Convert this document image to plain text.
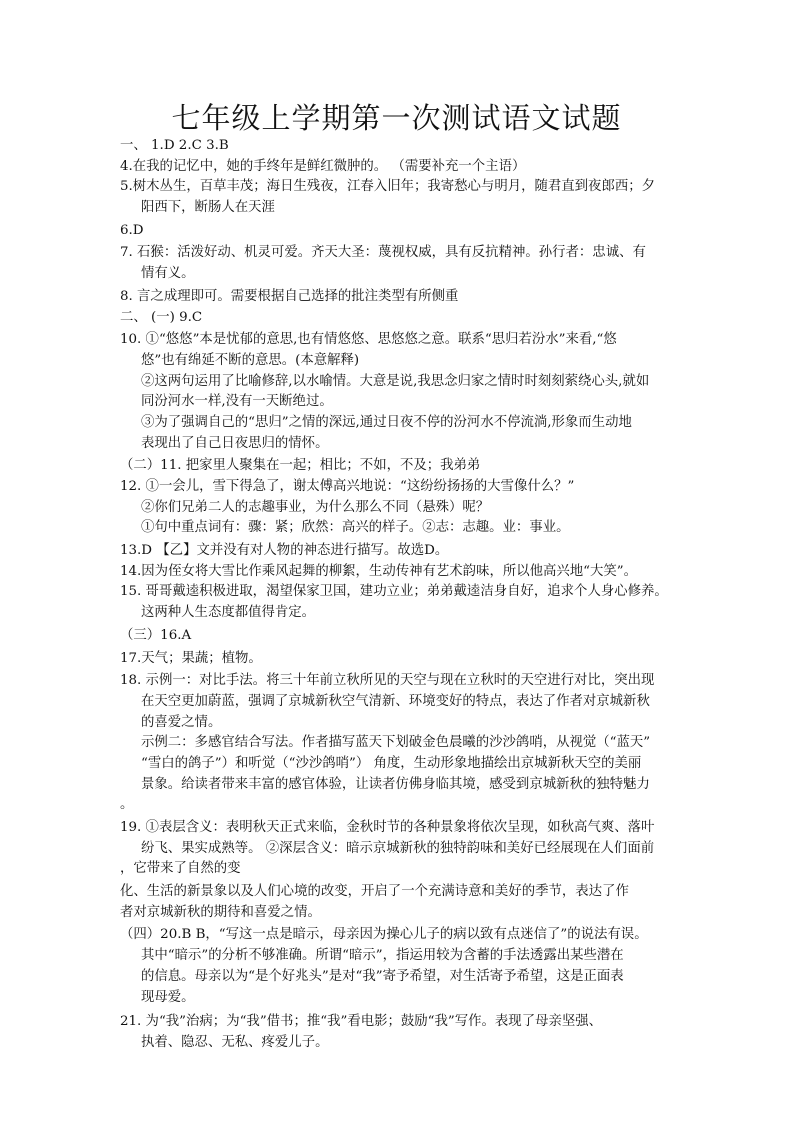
七年级上学期第一次测试语文试题
一、 1.D 2.C 3.B
4.在我的记忆中，她的手终年是鲜红微肿的。 （需要补充一个主语）
5.树木丛生，百草丰茂；海日生残夜，江春入旧年；我寄愁心与明月，随君直到夜郎西；夕
阳西下，断肠人在天涯
6.D
7. 石猴：活泼好动、机灵可爱。齐天大圣：蔑视权威，具有反抗精神。孙行者：忠诚、有
情有义。
8. 言之成理即可。需要根据自己选择的批注类型有所侧重
二、 (一) 9.C
10. ①“悠悠”本是忧郁的意思,也有情悠悠、思悠悠之意。联系“思归若汾水”来看,“悠
悠”也有绵延不断的意思。(本意解释)
②这两句运用了比喻修辞,以水喻情。大意是说,我思念归家之情时时刻刻萦绕心头,就如
同汾河水一样,没有一天断绝过。
③为了强调自己的“思归”之情的深远,通过日夜不停的汾河水不停流淌,形象而生动地
表现出了自己日夜思归的情怀。
（二）11. 把家里人聚集在一起；相比；不如，不及；我弟弟
12. ①一会儿，雪下得急了，谢太傅高兴地说：“这纷纷扬扬的大雪像什么？”
②你们兄弟二人的志趣事业，为什么那么不同（悬殊）呢？
①句中重点词有：骤：紧；欣然：高兴的样子。②志：志趣。业：事业。
13.D 【乙】文并没有对人物的神态进行描写。故选D。
14.因为侄女将大雪比作乘风起舞的柳絮，生动传神有艺术韵味，所以他高兴地“大笑”。
15. 哥哥戴逵积极进取，渴望保家卫国，建功立业；弟弟戴逵洁身自好，追求个人身心修养。
这两种人生态度都值得肯定。
（三）16.A
17.天气；果蔬；植物。
18. 示例一：对比手法。将三十年前立秋所见的天空与现在立秋时的天空进行对比，突出现
在天空更加蔚蓝，强调了京城新秋空气清新、环境变好的特点，表达了作者对京城新秋
的喜爱之情。
示例二：多感官结合写法。作者描写蓝天下划破金色晨曦的沙沙鸽哨，从视觉（“蓝天”
“雪白的鸽子”）和听觉（“沙沙鸽哨”） 角度，生动形象地描绘出京城新秋天空的美丽
景象。给读者带来丰富的感官体验，让读者仿佛身临其境，感受到京城新秋的独特魅力
。
19. ①表层含义：表明秋天正式来临，金秋时节的各种景象将依次呈现，如秋高气爽、落叶
纷飞、果实成熟等。 ②深层含义：暗示京城新秋的独特韵味和美好已经展现在人们面前
，它带来了自然的变
化、生活的新景象以及人们心境的改变，开启了一个充满诗意和美好的季节，表达了作
者对京城新秋的期待和喜爱之情。
（四）20.B B，“写这一点是暗示，母亲因为操心儿子的病以致有点迷信了”的说法有误。
其中“暗示”的分析不够准确。所谓“暗示”，指运用较为含蓄的手法透露出某些潜在
的信息。母亲以为“是个好兆头”是对“我”寄予希望，对生活寄予希望，这是正面表
现母爱。
21. 为“我”治病；为“我”借书；推“我”看电影；鼓励“我”写作。表现了母亲坚强、
执着、隐忍、无私、疼爱儿子。
